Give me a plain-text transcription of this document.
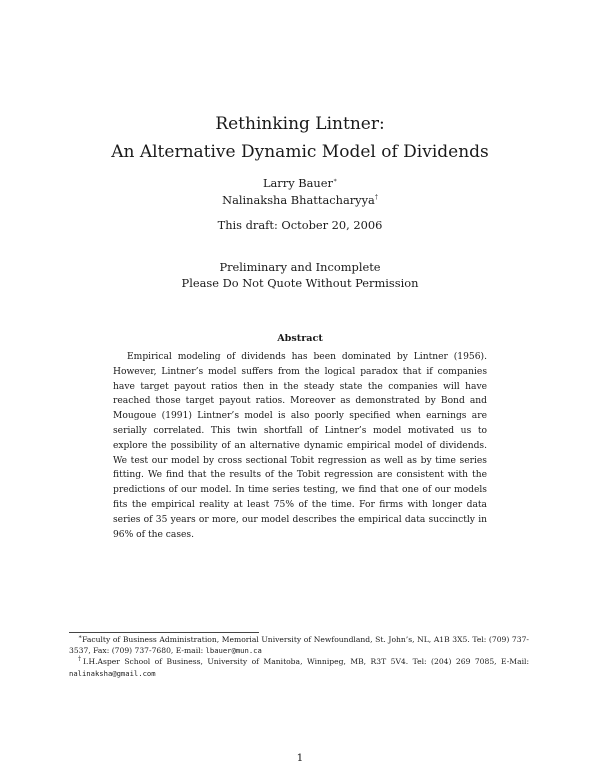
Rethinking Lintner:
An Alternative Dynamic Model of Dividends
Larry Bauer∗
Nalinaksha Bhattacharyya†
This draft: October 20, 2006
Preliminary and Incomplete
Please Do Not Quote Without Permission
Abstract
Empirical modeling of dividends has been dominated by Lintner (1956). However, Lintner’s model suffers from the logical paradox that if companies have target payout ratios then in the steady state the companies will have reached those target payout ratios. Moreover as demonstrated by Bond and Mougoue (1991) Lintner’s model is also poorly specified when earnings are serially correlated. This twin shortfall of Lintner’s model motivated us to explore the possibility of an alternative dynamic empirical model of dividends. We test our model by cross sectional Tobit regression as well as by time series fitting. We find that the results of the Tobit regression are consistent with the predictions of our model. In time series testing, we find that one of our models fits the empirical reality at least 75% of the time. For firms with longer data series of 35 years or more, our model describes the empirical data succinctly in 96% of the cases.

∗Faculty of Business Administration, Memorial University of Newfoundland, St. John’s, NL, A1B 3X5. Tel: (709) 737-3537, Fax: (709) 737-7680, E-mail: lbauer@mun.ca

†I.H.Asper School of Business, University of Manitoba, Winnipeg, MB, R3T 5V4. Tel: (204) 269 7085, E-Mail: nalinaksha@gmail.com

1
